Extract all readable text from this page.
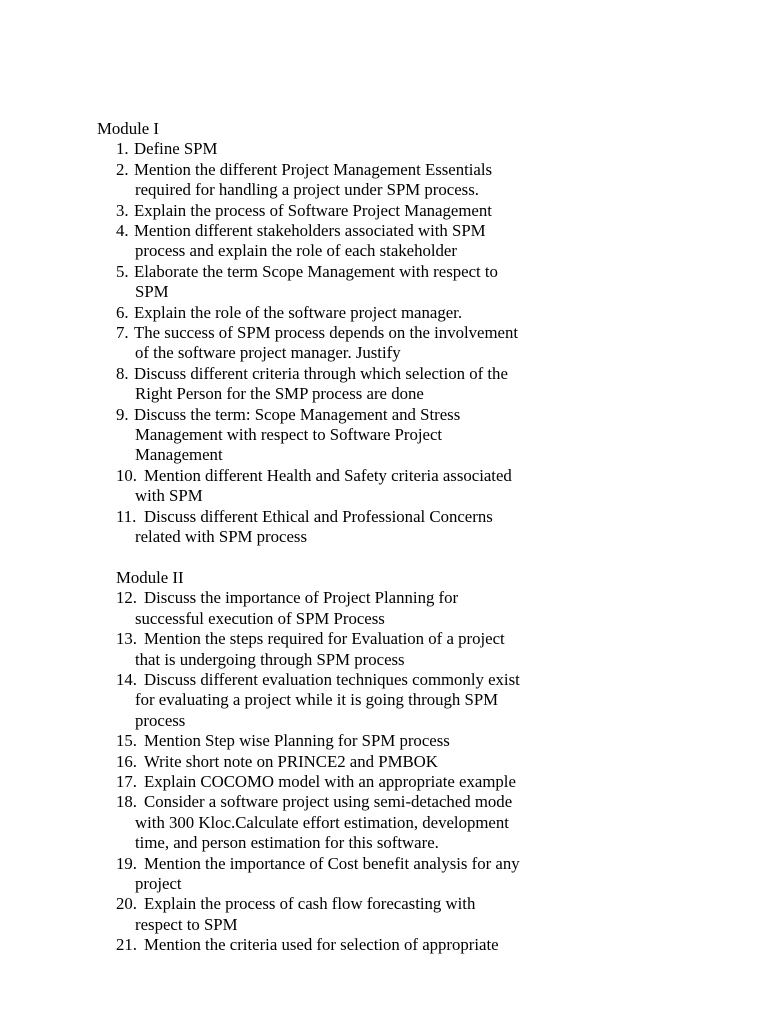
Module I
1. Define SPM
2. Mention the different Project Management Essentials
required for handling a project under SPM process.
3. Explain the process of Software Project Management
4. Mention different stakeholders associated with SPM
process and explain the role of each stakeholder
5. Elaborate the term Scope Management with respect to
SPM
6. Explain the role of the software project manager.
7. The success of SPM process depends on the involvement
of the software project manager. Justify
8. Discuss different criteria through which selection of the
Right Person for the SMP process are done
9. Discuss the term: Scope Management and Stress
Management with respect to Software Project
Management
10. Mention different Health and Safety criteria associated
with SPM
11. Discuss different Ethical and Professional Concerns
related with SPM process
Module II
12. Discuss the importance of Project Planning for
successful execution of SPM Process
13. Mention the steps required for Evaluation of a project
that is undergoing through SPM process
14. Discuss different evaluation techniques commonly exist
for evaluating a project while it is going through SPM
process
15. Mention Step wise Planning for SPM process
16. Write short note on PRINCE2 and PMBOK
17. Explain COCOMO model with an appropriate example
18. Consider a software project using semi-detached mode
with 300 Kloc.Calculate effort estimation, development
time, and person estimation for this software.
19. Mention the importance of Cost benefit analysis for any
project
20. Explain the process of cash flow forecasting with
respect to SPM
21. Mention the criteria used for selection of appropriate
